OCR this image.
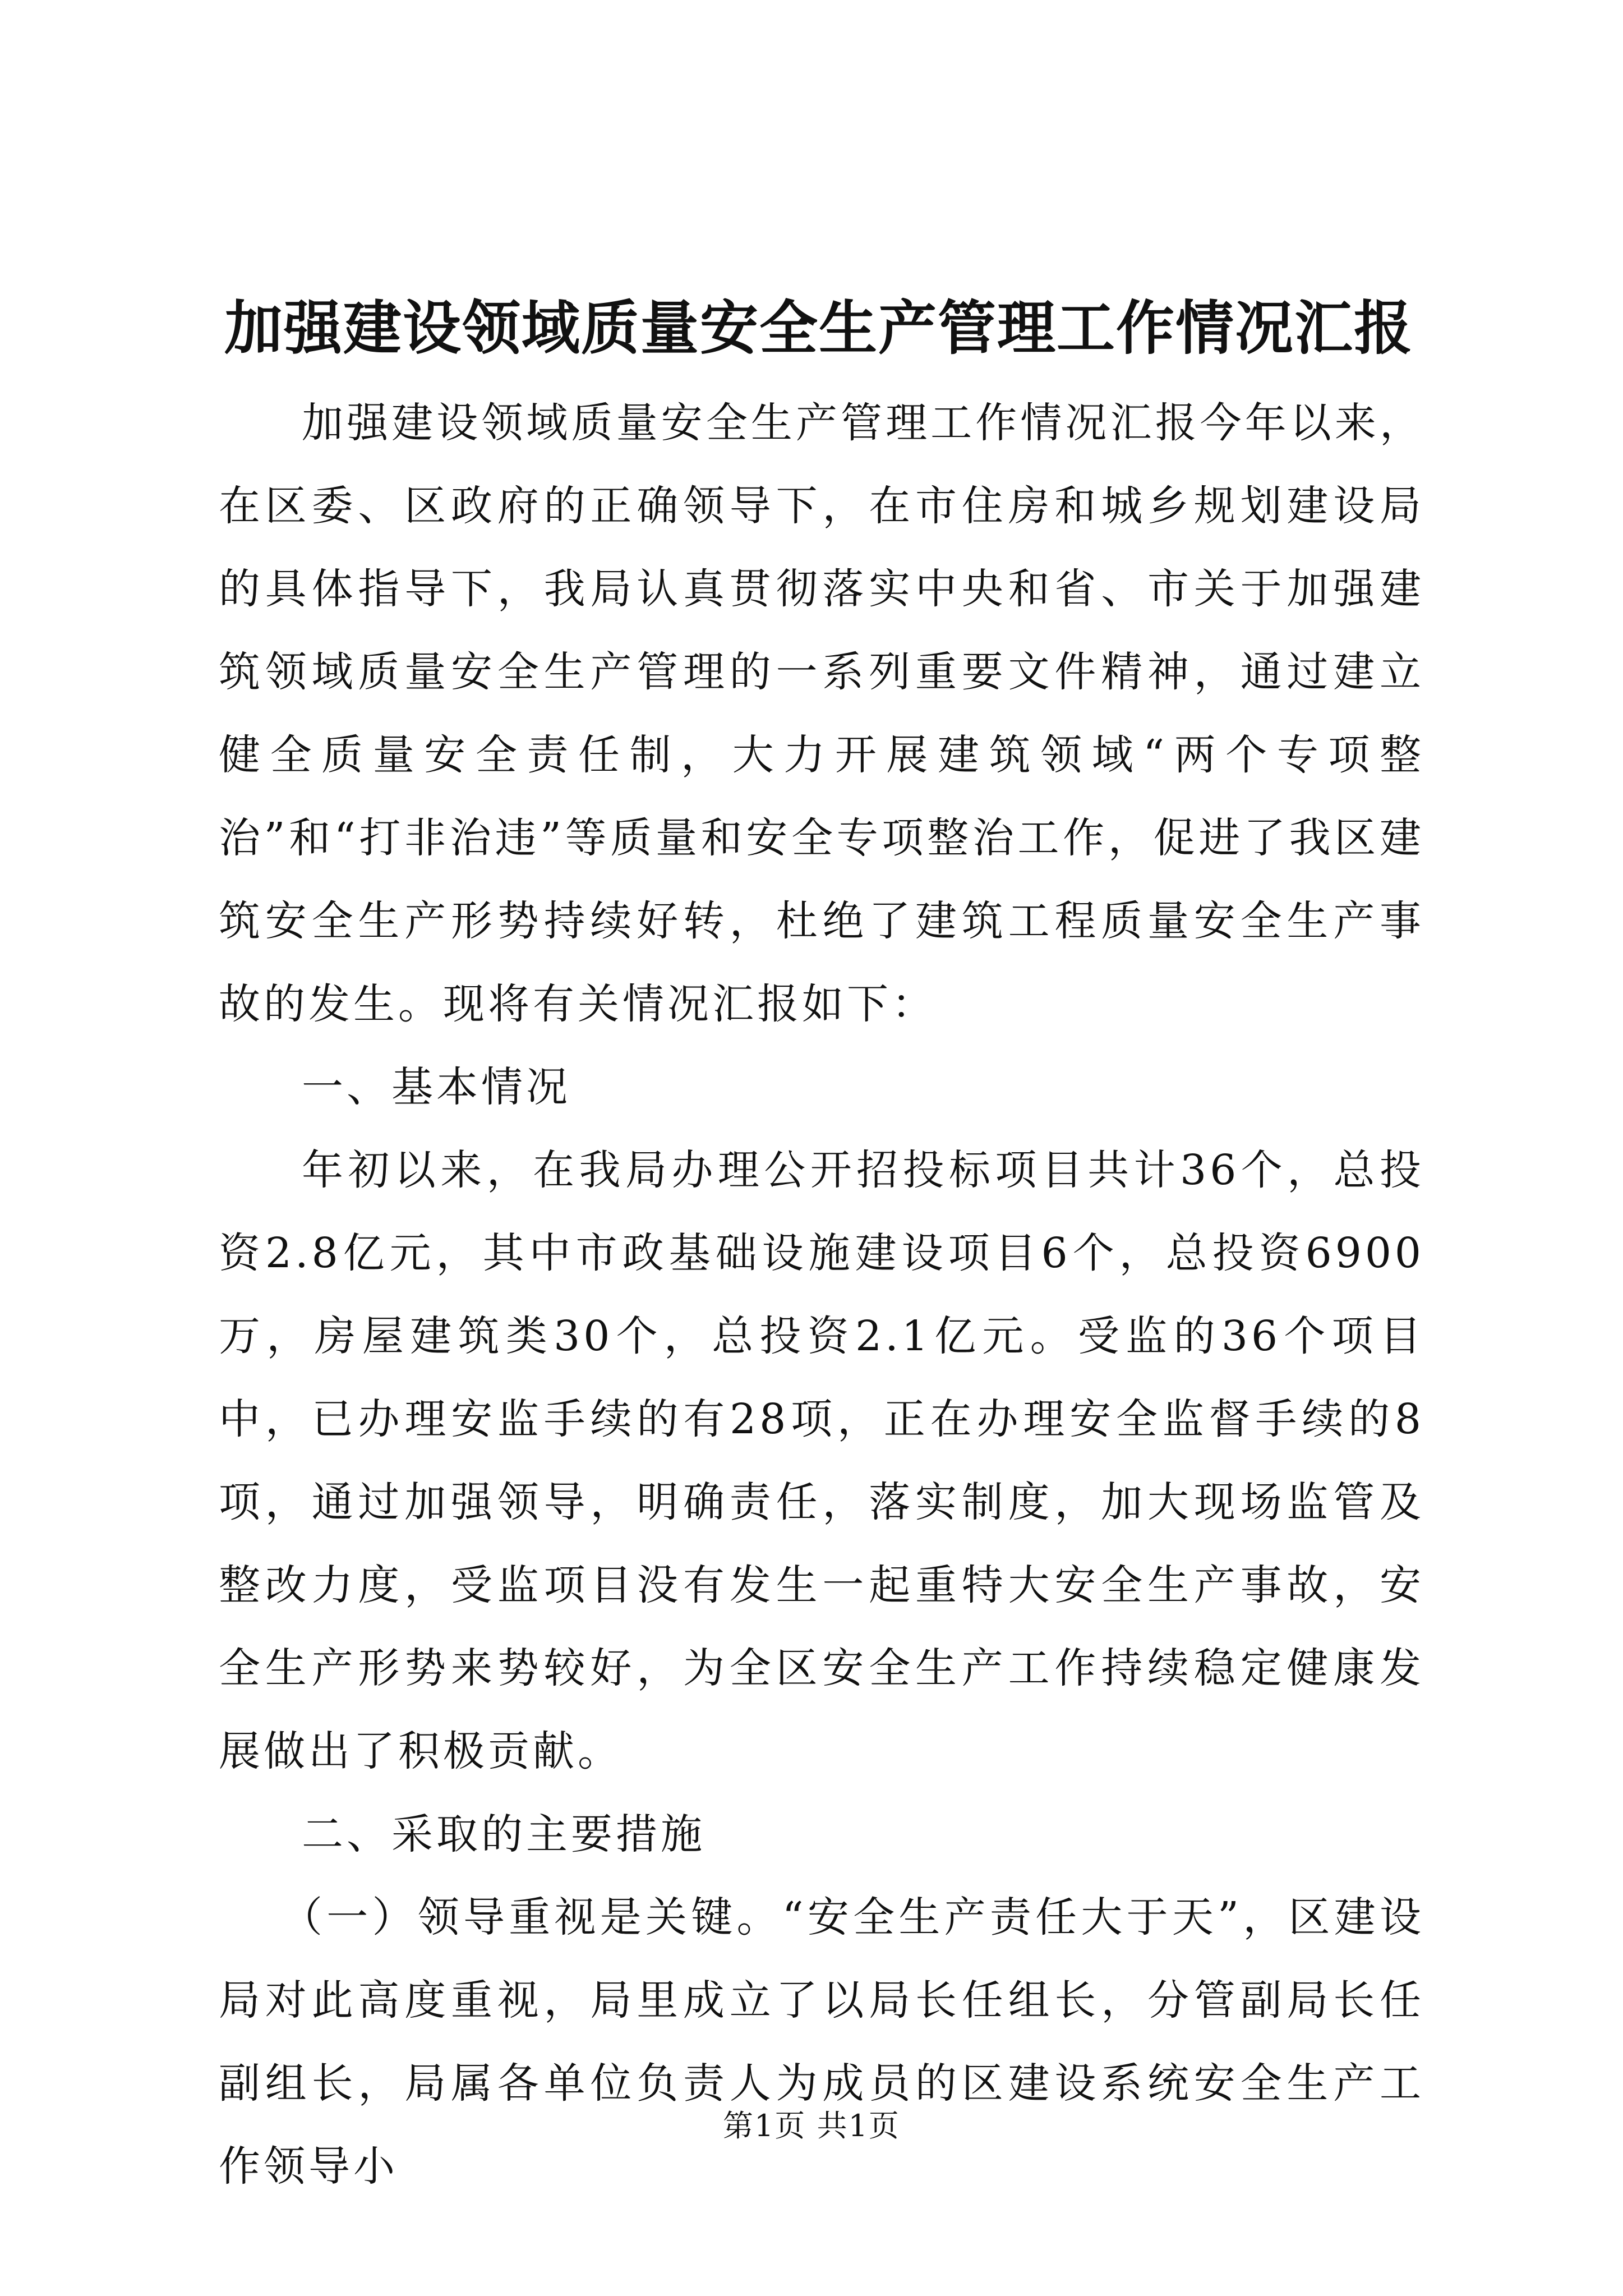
加强建设领域质量安全生产管理工作情况汇报

加强建设领域质量安全生产管理工作情况汇报今年以来，在区委、区政府的正确领导下，在市住房和城乡规划建设局的具体指导下，我局认真贯彻落实中央和省、市关于加强建筑领域质量安全生产管理的一系列重要文件精神，通过建立健全质量安全责任制，大力开展建筑领域“两个专项整治”和“打非治违”等质量和安全专项整治工作，促进了我区建筑安全生产形势持续好转，杜绝了建筑工程质量安全生产事故的发生。现将有关情况汇报如下：

一、基本情况

年初以来，在我局办理公开招投标项目共计36个，总投资2.8亿元，其中市政基础设施建设项目6个，总投资6900万，房屋建筑类30个，总投资2.1亿元。受监的36个项目中，已办理安监手续的有28项，正在办理安全监督手续的8项，通过加强领导，明确责任，落实制度，加大现场监管及整改力度，受监项目没有发生一起重特大安全生产事故，安全生产形势来势较好，为全区安全生产工作持续稳定健康发展做出了积极贡献。

二、采取的主要措施

（一）领导重视是关键。“安全生产责任大于天”，区建设局对此高度重视，局里成立了以局长任组长，分管副局长任副组长，局属各单位负责人为成员的区建设系统安全生产工作领导小

第1页 共1页
